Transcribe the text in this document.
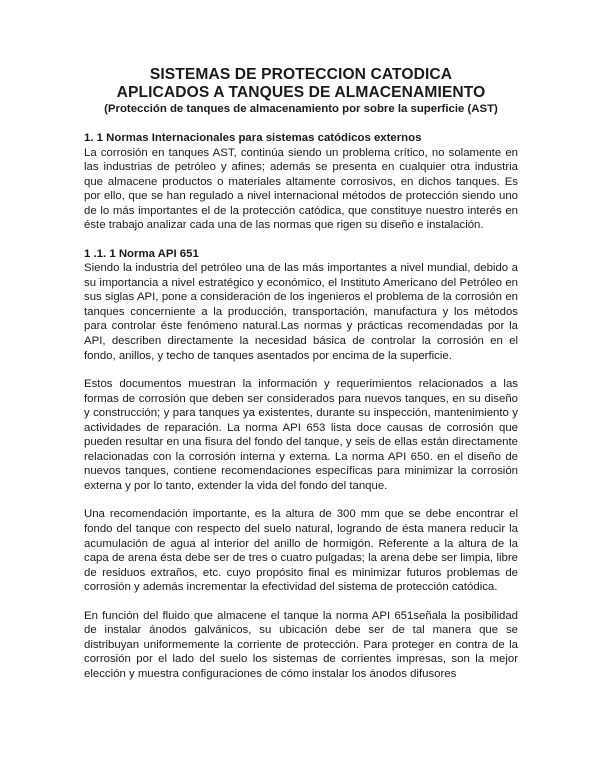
SISTEMAS DE PROTECCION CATODICA
APLICADOS A TANQUES DE ALMACENAMIENTO

(Protección de tanques de almacenamiento por sobre la superficie (AST)

1. 1 Normas Internacionales para sistemas catódicos externos

La corrosión en tanques AST, continúa siendo un problema crítico, no solamente en las industrias de petróleo y afines; además se presenta en cualquier otra industria que almacene productos o materiales altamente corrosivos, en dichos tanques. Es por ello, que se han regulado a nivel internacional métodos de protección siendo uno de lo más importantes el de la protección catódica, que constituye nuestro interés en éste trabajo analizar cada una de las normas que rigen su diseño e instalación.

1 .1. 1 Norma API 651

Siendo la industria del petróleo una de las más importantes a nivel mundial, debido a su importancia a nivel estratégico y económico, el Instituto Americano del Petróleo en sus siglas API, pone a consideración de los ingenieros el problema de la corrosión en tanques concerniente a la producción, transportación, manufactura y los métodos para controlar éste fenómeno natural.Las normas y prácticas recomendadas por la API, describen directamente la necesidad básica de controlar la corrosión en el fondo, anillos, y techo de tanques asentados por encima de la superficie.

Estos documentos muestran la información y requerimientos relacionados a las formas de corrosión que deben ser considerados para nuevos tanques, en su diseño y construcción; y para tanques ya existentes, durante su inspección, mantenimiento y actividades de reparación. La norma API 653 lista doce causas de corrosión que pueden resultar en una fisura del fondo del tanque, y seis de ellas están directamente relacionadas con la corrosión interna y externa. La norma API 650. en el diseño de nuevos tanques, contiene recomendaciones específicas para minimizar la corrosión externa y por lo tanto, extender la vida del fondo del tanque.

Una recomendación importante, es la altura de 300 mm que se debe encontrar el fondo del tanque con respecto del suelo natural, logrando de ésta manera reducir la acumulación de agua al interior del anillo de hormigón. Referente a la altura de la capa de arena ésta debe ser de tres o cuatro pulgadas; la arena debe ser limpia, libre de residuos extraños, etc. cuyo propósito final es minimizar futuros problemas de corrosión y además incrementar la efectividad del sistema de protección catódica.

En función del fluido que almacene el tanque la norma API 651señala la posibilidad de instalar ánodos galvánicos, su ubicación debe ser de tal manera que se distribuyan uniformemente la corriente de protección. Para proteger en contra de la corrosión por el lado del suelo los sistemas de corrientes impresas, son la mejor elección y muestra configuraciones de cómo instalar los ánodos difusores
